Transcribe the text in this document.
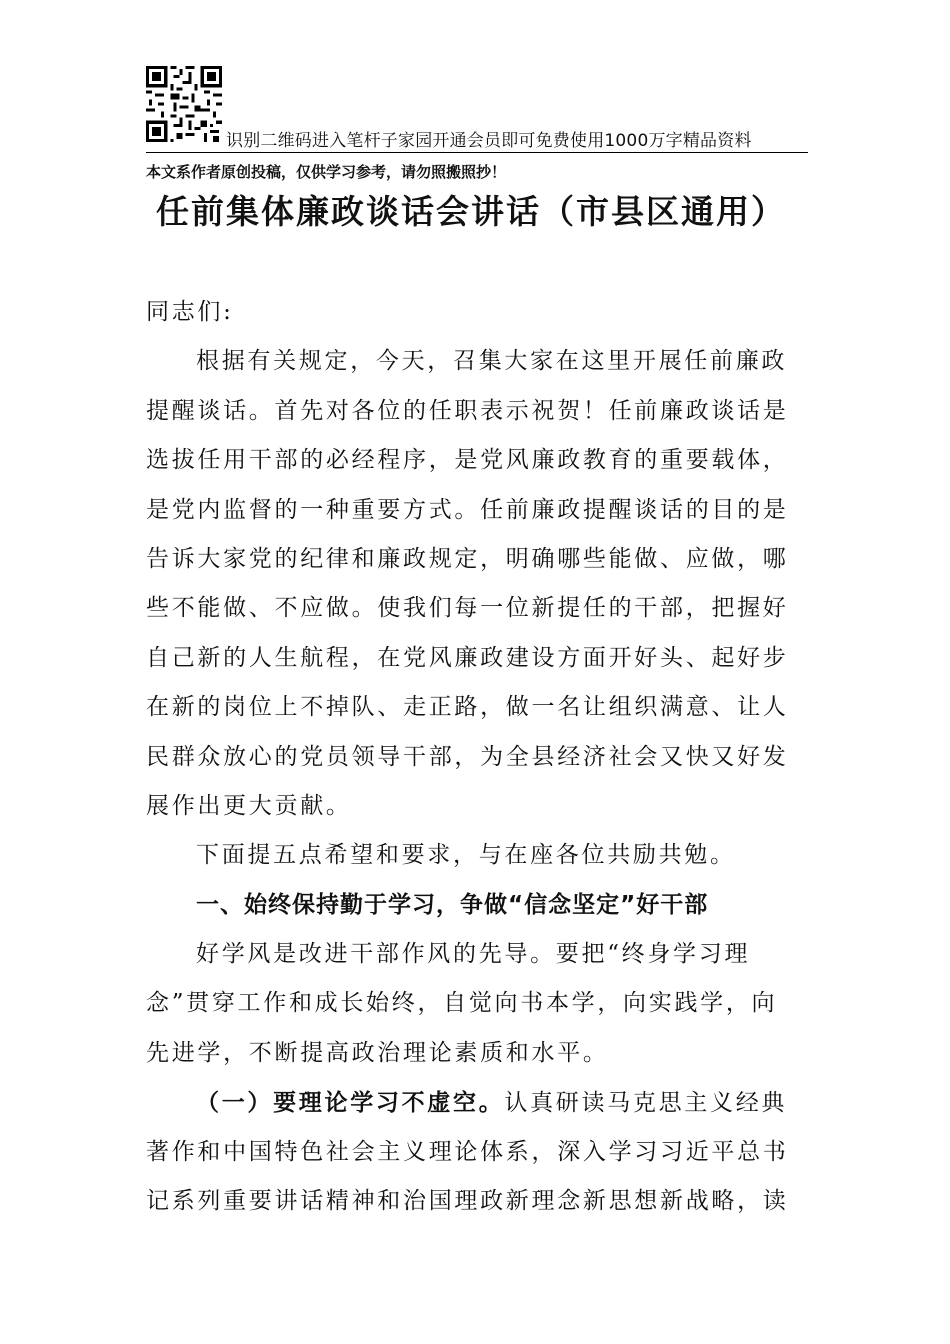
识别二维码进入笔杆子家园开通会员即可免费使用1000万字精品资料
本文系作者原创投稿，仅供学习参考，请勿照搬照抄！
任前集体廉政谈话会讲话（市县区通用）
同志们:
根据有关规定，今天，召集大家在这里开展任前廉政
提醒谈话。首先对各位的任职表示祝贺！任前廉政谈话是
选拔任用干部的必经程序，是党风廉政教育的重要载体，
是党内监督的一种重要方式。任前廉政提醒谈话的目的是
告诉大家党的纪律和廉政规定，明确哪些能做、应做，哪
些不能做、不应做。使我们每一位新提任的干部，把握好
自己新的人生航程，在党风廉政建设方面开好头、起好步
在新的岗位上不掉队、走正路，做一名让组织满意、让人
民群众放心的党员领导干部，为全县经济社会又快又好发
展作出更大贡献。
下面提五点希望和要求，与在座各位共励共勉。
一、始终保持勤于学习，争做“信念坚定”好干部
好学风是改进干部作风的先导。要把“终身学习理
念”贯穿工作和成长始终，自觉向书本学，向实践学，向
先进学，不断提高政治理论素质和水平。
（一）要理论学习不虚空。认真研读马克思主义经典
著作和中国特色社会主义理论体系，深入学习习近平总书
记系列重要讲话精神和治国理政新理念新思想新战略，读
